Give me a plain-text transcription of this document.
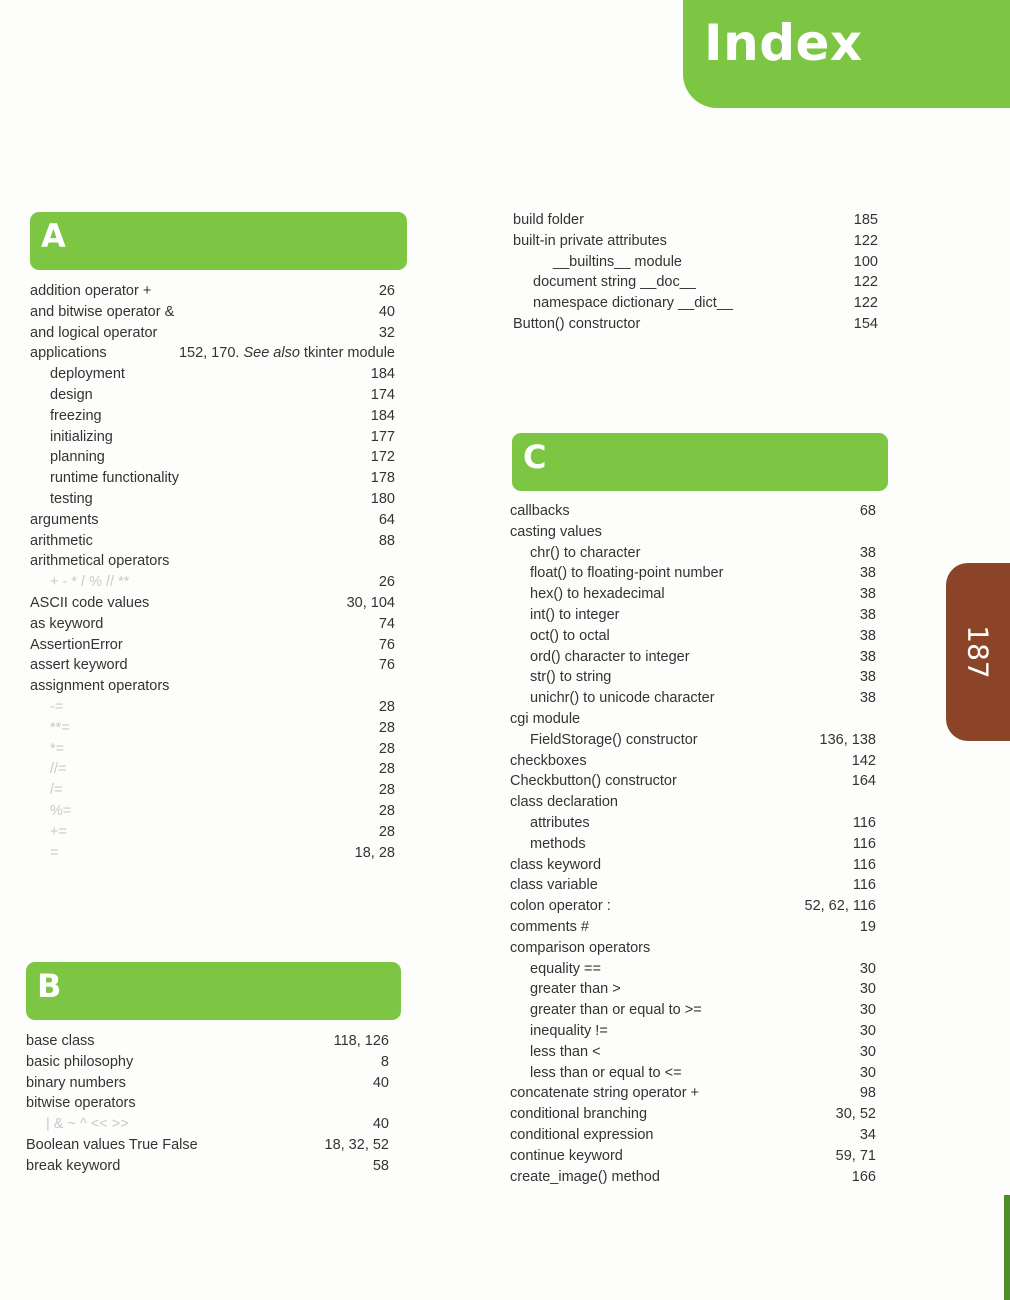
Index
187
A
addition operator +	26
and bitwise operator &	40
and logical operator	32
applications	152, 170. See also tkinter module
deployment	184
design	174
freezing	184
initializing	177
planning	172
runtime functionality	178
testing	180
arguments	64
arithmetic	88
arithmetical operators
+ - * / % // **	26
ASCII code values	30, 104
as keyword	74
AssertionError	76
assert keyword	76
assignment operators
-=	28
**=	28
*=	28
//=	28
/=	28
%=	28
+=	28
=	18, 28
B
base class	118, 126
basic philosophy	8
binary numbers	40
bitwise operators
| & ~ ^ << >>	40
Boolean values True False	18, 32, 52
break keyword	58
build folder	185
built-in private attributes	122
__builtins__ module	100
document string __doc__	122
namespace dictionary __dict__	122
Button() constructor	154
C
callbacks	68
casting values
chr() to character	38
float() to floating-point number	38
hex() to hexadecimal	38
int() to integer	38
oct() to octal	38
ord() character to integer	38
str() to string	38
unichr() to unicode character	38
cgi module
FieldStorage() constructor	136, 138
checkboxes	142
Checkbutton() constructor	164
class declaration
attributes	116
methods	116
class keyword	116
class variable	116
colon operator :	52, 62, 116
comments #	19
comparison operators
equality ==	30
greater than >	30
greater than or equal to >=	30
inequality !=	30
less than <	30
less than or equal to <=	30
concatenate string operator +	98
conditional branching	30, 52
conditional expression	34
continue keyword	59, 71
create_image() method	166
